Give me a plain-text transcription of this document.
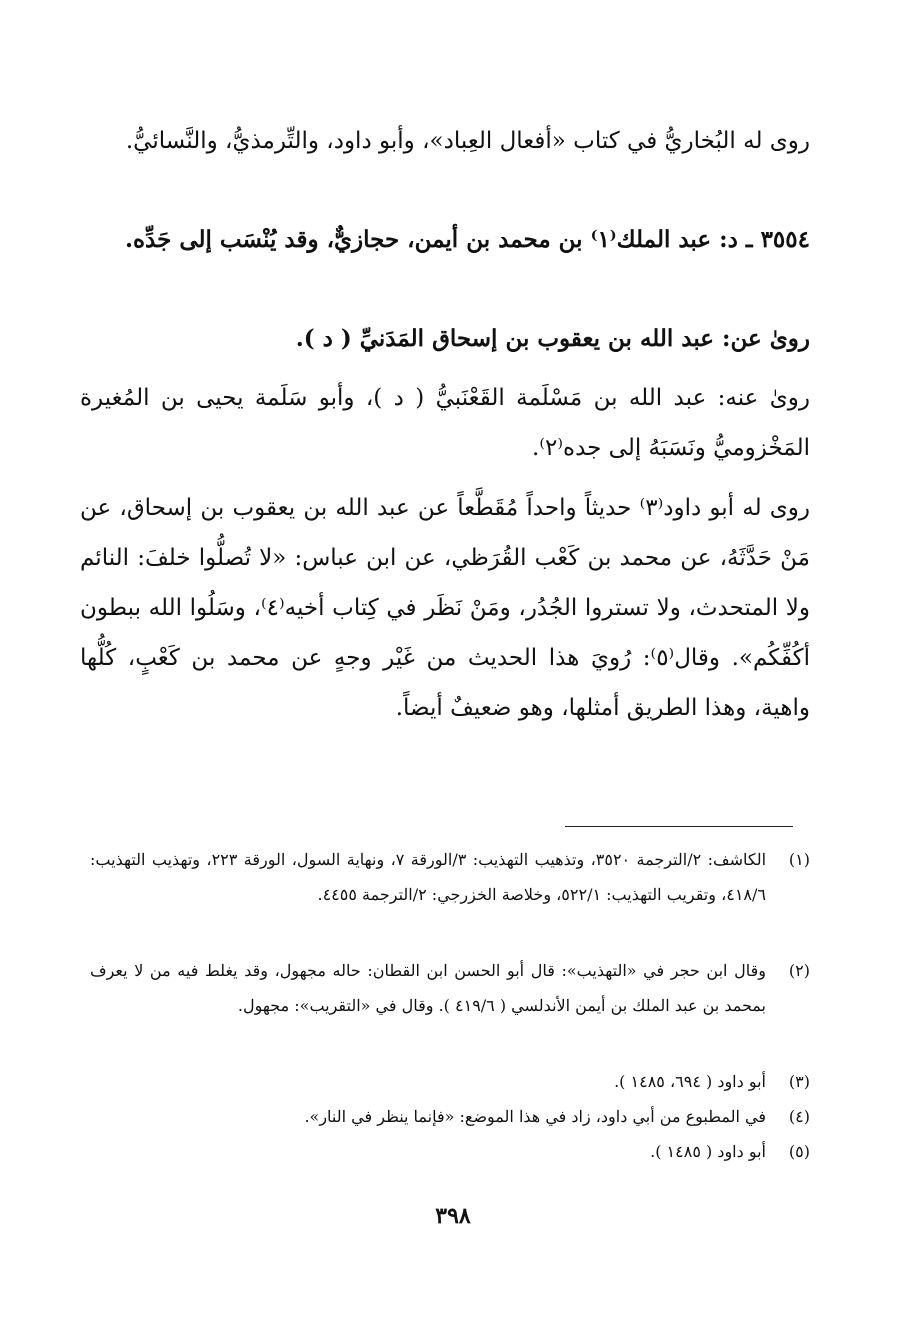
روى له البُخاريُّ في كتاب «أفعال العِباد»، وأبو داود، والتِّرمذيُّ، والنَّسائيُّ.

٣٥٥٤ ـ د: عبد الملك⁽١⁾ بن محمد بن أيمن، حجازيٌّ، وقد يُنْسَب إلى جَدِّه.

روىٰ عن: عبد الله بن يعقوب بن إسحاق المَدَنيِّ ( د ).

روىٰ عنه: عبد الله بن مَسْلَمة القَعْنَبيُّ ( د )، وأبو سَلَمة يحيى بن المُغيرة المَخْزوميُّ ونَسَبَهُ إلى جده⁽٢⁾.

روى له أبو داود⁽٣⁾ حديثاً واحداً مُقَطَّعاً عن عبد الله بن يعقوب بن إسحاق، عن مَنْ حَدَّثَهُ، عن محمد بن كَعْب القُرَظي، عن ابن عباس: «لا تُصلُّوا خلفَ: النائم ولا المتحدث، ولا تستروا الجُدُر، ومَنْ نَظَر في كِتاب أخيه⁽٤⁾، وسَلُوا الله ببطون أكُفِّكُم». وقال⁽٥⁾: رُويَ هذا الحديث من غَيْر وجهٍ عن محمد بن كَعْبٍ، كُلُّها واهية، وهذا الطريق أمثلها، وهو ضعيفٌ أيضاً.

(١)
الكاشف: ٢/الترجمة ٣٥٢٠، وتذهيب التهذيب: ٣/الورقة ٧، ونهاية السول، الورقة ٢٢٣، وتهذيب التهذيب: ٤١٨/٦، وتقريب التهذيب: ٥٢٢/١، وخلاصة الخزرجي: ٢/الترجمة ٤٤٥٥.
(٢)
وقال ابن حجر في «التهذيب»: قال أبو الحسن ابن القطان: حاله مجهول، وقد يغلط فيه من لا يعرف بمحمد بن عبد الملك بن أيمن الأندلسي ( ٤١٩/٦ ). وقال في «التقريب»: مجهول.
(٣)
أبو داود ( ٦٩٤، ١٤٨٥ ).
(٤)
في المطبوع من أبي داود، زاد في هذا الموضع: «فإنما ينظر في النار».
(٥)
أبو داود ( ١٤٨٥ ).
٣٩٨
